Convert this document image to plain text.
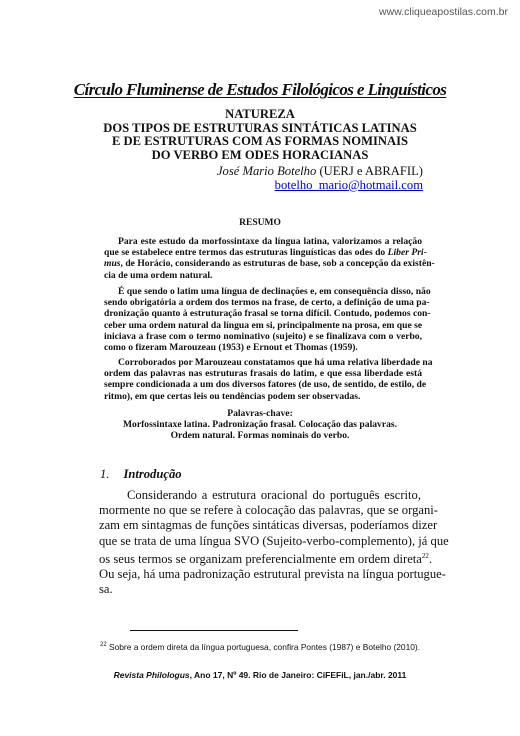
www.cliqueapostilas.com.br
Círculo Fluminense de Estudos Filológicos e Linguísticos
NATUREZA
DOS TIPOS DE ESTRUTURAS SINTÁTICAS LATINAS
E DE ESTRUTURAS COM AS FORMAS NOMINAIS
DO VERBO EM ODES HORACIANAS
José Mario Botelho (UERJ e ABRAFIL)
botelho_mario@hotmail.com
RESUMO
Para este estudo da morfossintaxe da língua latina, valorizamos a relação
que se estabelece entre termos das estruturas linguísticas das odes do Liber Pri-
mus, de Horácio, considerando as estruturas de base, sob a concepção da existên-
cia de uma ordem natural.
É que sendo o latim uma língua de declinações e, em consequência disso, não
sendo obrigatória a ordem dos termos na frase, de certo, a definição de uma pa-
dronização quanto à estruturação frasal se torna difícil. Contudo, podemos con-
ceber uma ordem natural da língua em si, principalmente na prosa, em que se
iniciava a frase com o termo nominativo (sujeito) e se finalizava com o verbo,
como o fizeram Marouzeau (1953) e Ernout et Thomas (1959).
Corroborados por Marouzeau constatamos que há uma relativa liberdade na
ordem das palavras nas estruturas frasais do latim, e que essa liberdade está
sempre condicionada a um dos diversos fatores (de uso, de sentido, de estilo, de
ritmo), em que certas leis ou tendências podem ser observadas.
Palavras-chave:
Morfossintaxe latina. Padronização frasal. Colocação das palavras.
Ordem natural. Formas nominais do verbo.
1. Introdução
Considerando a estrutura oracional do português escrito,
mormente no que se refere à colocação das palavras, que se organi-
zam em sintagmas de funções sintáticas diversas, poderíamos dizer
que se trata de uma língua SVO (Sujeito-verbo-complemento), já que
os seus termos se organizam preferencialmente em ordem direta$^{22}$.
Ou seja, há uma padronização estrutural prevista na língua portugue-
sa.
$^{22}$ Sobre a ordem direta da língua portuguesa, confira Pontes (1987) e Botelho (2010).
Revista Philologus, Ano 17, Nº 49. Rio de Janeiro: CiFEFiL, jan./abr. 2011
